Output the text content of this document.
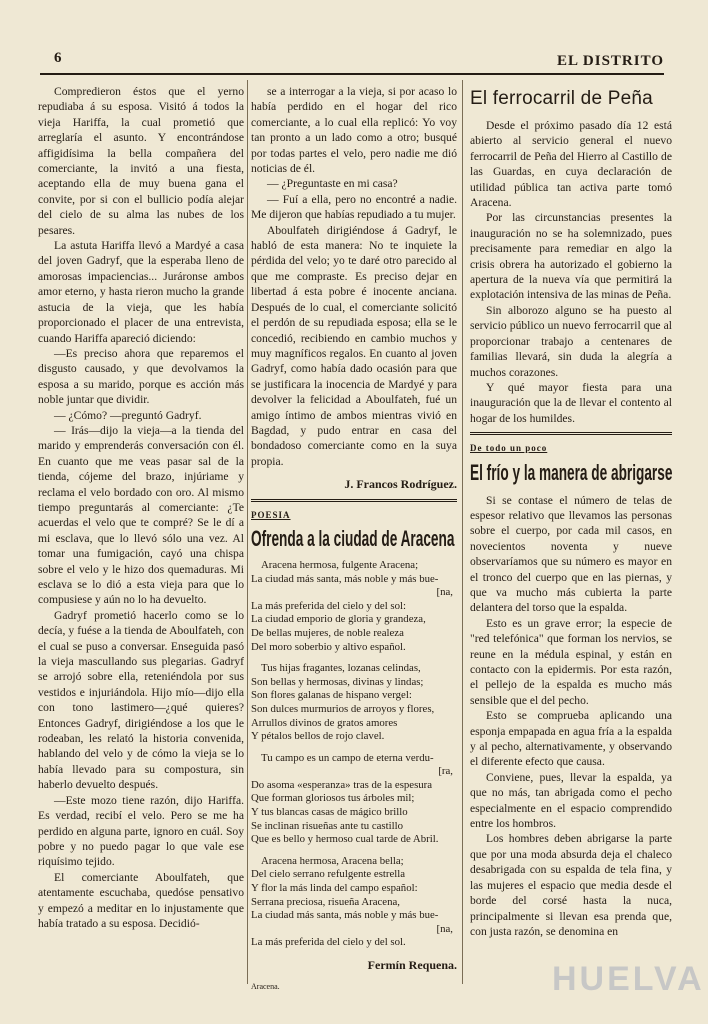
6	EL DISTRITO

Compredieron éstos que el yerno repudiaba á su esposa. Visitó á todos la vieja Hariffa, la cual prometió que arreglaría el asunto. Y encontrándose affigidísima la bella compañera del comerciante, la invitó a una fiesta, aceptando ella de muy buena gana el convite, por si con el bullicio podía alejar del cielo de su alma las nubes de los pesares.

La astuta Hariffa llevó a Mardyé a casa del joven Gadryf, que la esperaba lleno de amorosas impaciencias... Juráronse ambos amor eterno, y hasta rieron mucho la grande astucia de la vieja, que les había proporcionado el placer de una entrevista, cuando Hariffa apareció diciendo:

—Es preciso ahora que reparemos el disgusto causado, y que devolvamos la esposa a su marido, porque es acción más noble juntar que dividir.

— ¿Cómo? —preguntó Gadryf.

— Irás—dijo la vieja—a la tienda del marido y emprenderás conversación con él. En cuanto que me veas pasar sal de la tienda, cójeme del brazo, injúriame y reclama el velo bordado con oro. Al mismo tiempo preguntarás al comerciante: ¿Te acuerdas el velo que te compré? Se le dí a mi esclava, que lo llevó sólo una vez. Al tomar una fumigación, cayó una chispa sobre el velo y le hizo dos quemaduras. Mi esclava se lo dió a esta vieja para que lo compusiese y aún no lo ha devuelto.

Gadryf prometió hacerlo como se lo decía, y fuése a la tienda de Aboulfateh, con el cual se puso a conversar. Enseguida pasó la vieja mascullando sus plegarias. Gadryf se arrojó sobre ella, reteniéndola por sus vestidos e injuriándola. Hijo mío—dijo ella con tono lastimero—¿qué quieres? Entonces Gadryf, dirigiéndose a los que le rodeaban, les relató la historia convenida, hablando del velo y de cómo la vieja se lo había llevado para su compostura, sin haberlo devuelto después.

—Este mozo tiene razón, dijo Hariffa. Es verdad, recibí el velo. Pero se me ha perdido en alguna parte, ignoro en cuál. Soy pobre y no puedo pagar lo que vale ese riquísimo tejido.

El comerciante Aboulfateh, que atentamente escuchaba, quedóse pensativo y empezó a meditar en lo injustamente que había tratado a su esposa. Decidió-

se a interrogar a la vieja, si por acaso lo había perdido en el hogar del rico comerciante, a lo cual ella replicó: Yo voy tan pronto a un lado como a otro; busqué por todas partes el velo, pero nadie me dió noticias de él.

— ¿Preguntaste en mi casa?

— Fuí a ella, pero no encontré a nadie. Me dijeron que habías repudiado a tu mujer.

Aboulfateh dirigiéndose á Gadryf, le habló de esta manera: No te inquiete la pérdida del velo; yo te daré otro parecido al que me compraste. Es preciso dejar en libertad á esta pobre é inocente anciana. Después de lo cual, el comerciante solicitó el perdón de su repudiada esposa; ella se le concedió, recibiendo en cambio muchos y muy magníficos regalos. En cuanto al joven Gadryf, como había dado ocasión para que se justificara la inocencia de Mardyé y para devolver la felicidad a Aboulfateh, fué un amigo íntimo de ambos mientras vivió en Bagdad, y pudo entrar en casa del bondadoso comerciante como en la suya propia.

J. Francos Rodríguez.
POESIA
Ofrenda a la ciudad de Aracena
Aracena hermosa, fulgente Aracena;
La ciudad más santa, más noble y más bue-
[na,
La más preferida del cielo y del sol:
La ciudad emporio de gloria y grandeza,
De bellas mujeres, de noble realeza
Del moro soberbio y altivo español.
Tus hijas fragantes, lozanas celindas,
Son bellas y hermosas, divinas y lindas;
Son flores galanas de hispano vergel:
Son dulces murmurios de arroyos y flores,
Arrullos divinos de gratos amores
Y pétalos bellos de rojo clavel.
Tu campo es un campo de eterna verdu-
[ra,
Do asoma «esperanza» tras de la espesura
Que forman gloriosos tus árboles mil;
Y tus blancas casas de mágico brillo
Se inclinan risueñas ante tu castillo
Que es bello y hermoso cual tarde de Abril.
Aracena hermosa, Aracena bella;
Del cielo serrano refulgente estrella
Y flor la más linda del campo español:
Serrana preciosa, risueña Aracena,
La ciudad más santa, más noble y más bue-
[na,
La más preferida del cielo y del sol.
Fermín Requena.
Aracena.
El ferrocarril de Peña

Desde el próximo pasado día 12 está abierto al servicio general el nuevo ferrocarril de Peña del Hierro al Castillo de las Guardas, en cuya declaración de utilidad pública tan activa parte tomó Aracena.

Por las circunstancias presentes la inauguración no se ha solemnizado, pues precisamente para remediar en algo la crisis obrera ha autorizado el gobierno la apertura de la nueva vía que permitirá la explotación intensiva de las minas de Peña.

Sin alborozo alguno se ha puesto al servicio público un nuevo ferrocarril que al proporcionar trabajo a centenares de familias llevará, sin duda la alegría a muchos corazones.

Y qué mayor fiesta para una inauguración que la de llevar el contento al hogar de los humildes.

De todo un poco
El frío y la manera de abrigarse

Si se contase el número de telas de espesor relativo que llevamos las personas sobre el cuerpo, por cada mil casos, en novecientos noventa y nueve observaríamos que su número es mayor en el tronco del cuerpo que en las piernas, y que va mucho más cubierta la parte delantera del torso que la espalda.

Esto es un grave error; la especie de "red telefónica" que forman los nervios, se reune en la médula espinal, y están en contacto con la epidermis. Por esta razón, el pellejo de la espalda es mucho más sensible que el del pecho.

Esto se comprueba aplicando una esponja empapada en agua fría a la espalda y al pecho, alternativamente, y observando el diferente efecto que causa.

Conviene, pues, llevar la espalda, ya que no más, tan abrigada como el pecho especialmente en el espacio comprendido entre los hombros.

Los hombres deben abrigarse la parte que por una moda absurda deja el chaleco desabrigada con su espalda de tela fina, y las mujeres el espacio que media desde el borde del corsé hasta la nuca, principalmente si llevan esa prenda que, con justa razón, se denomina en

HUELVA
